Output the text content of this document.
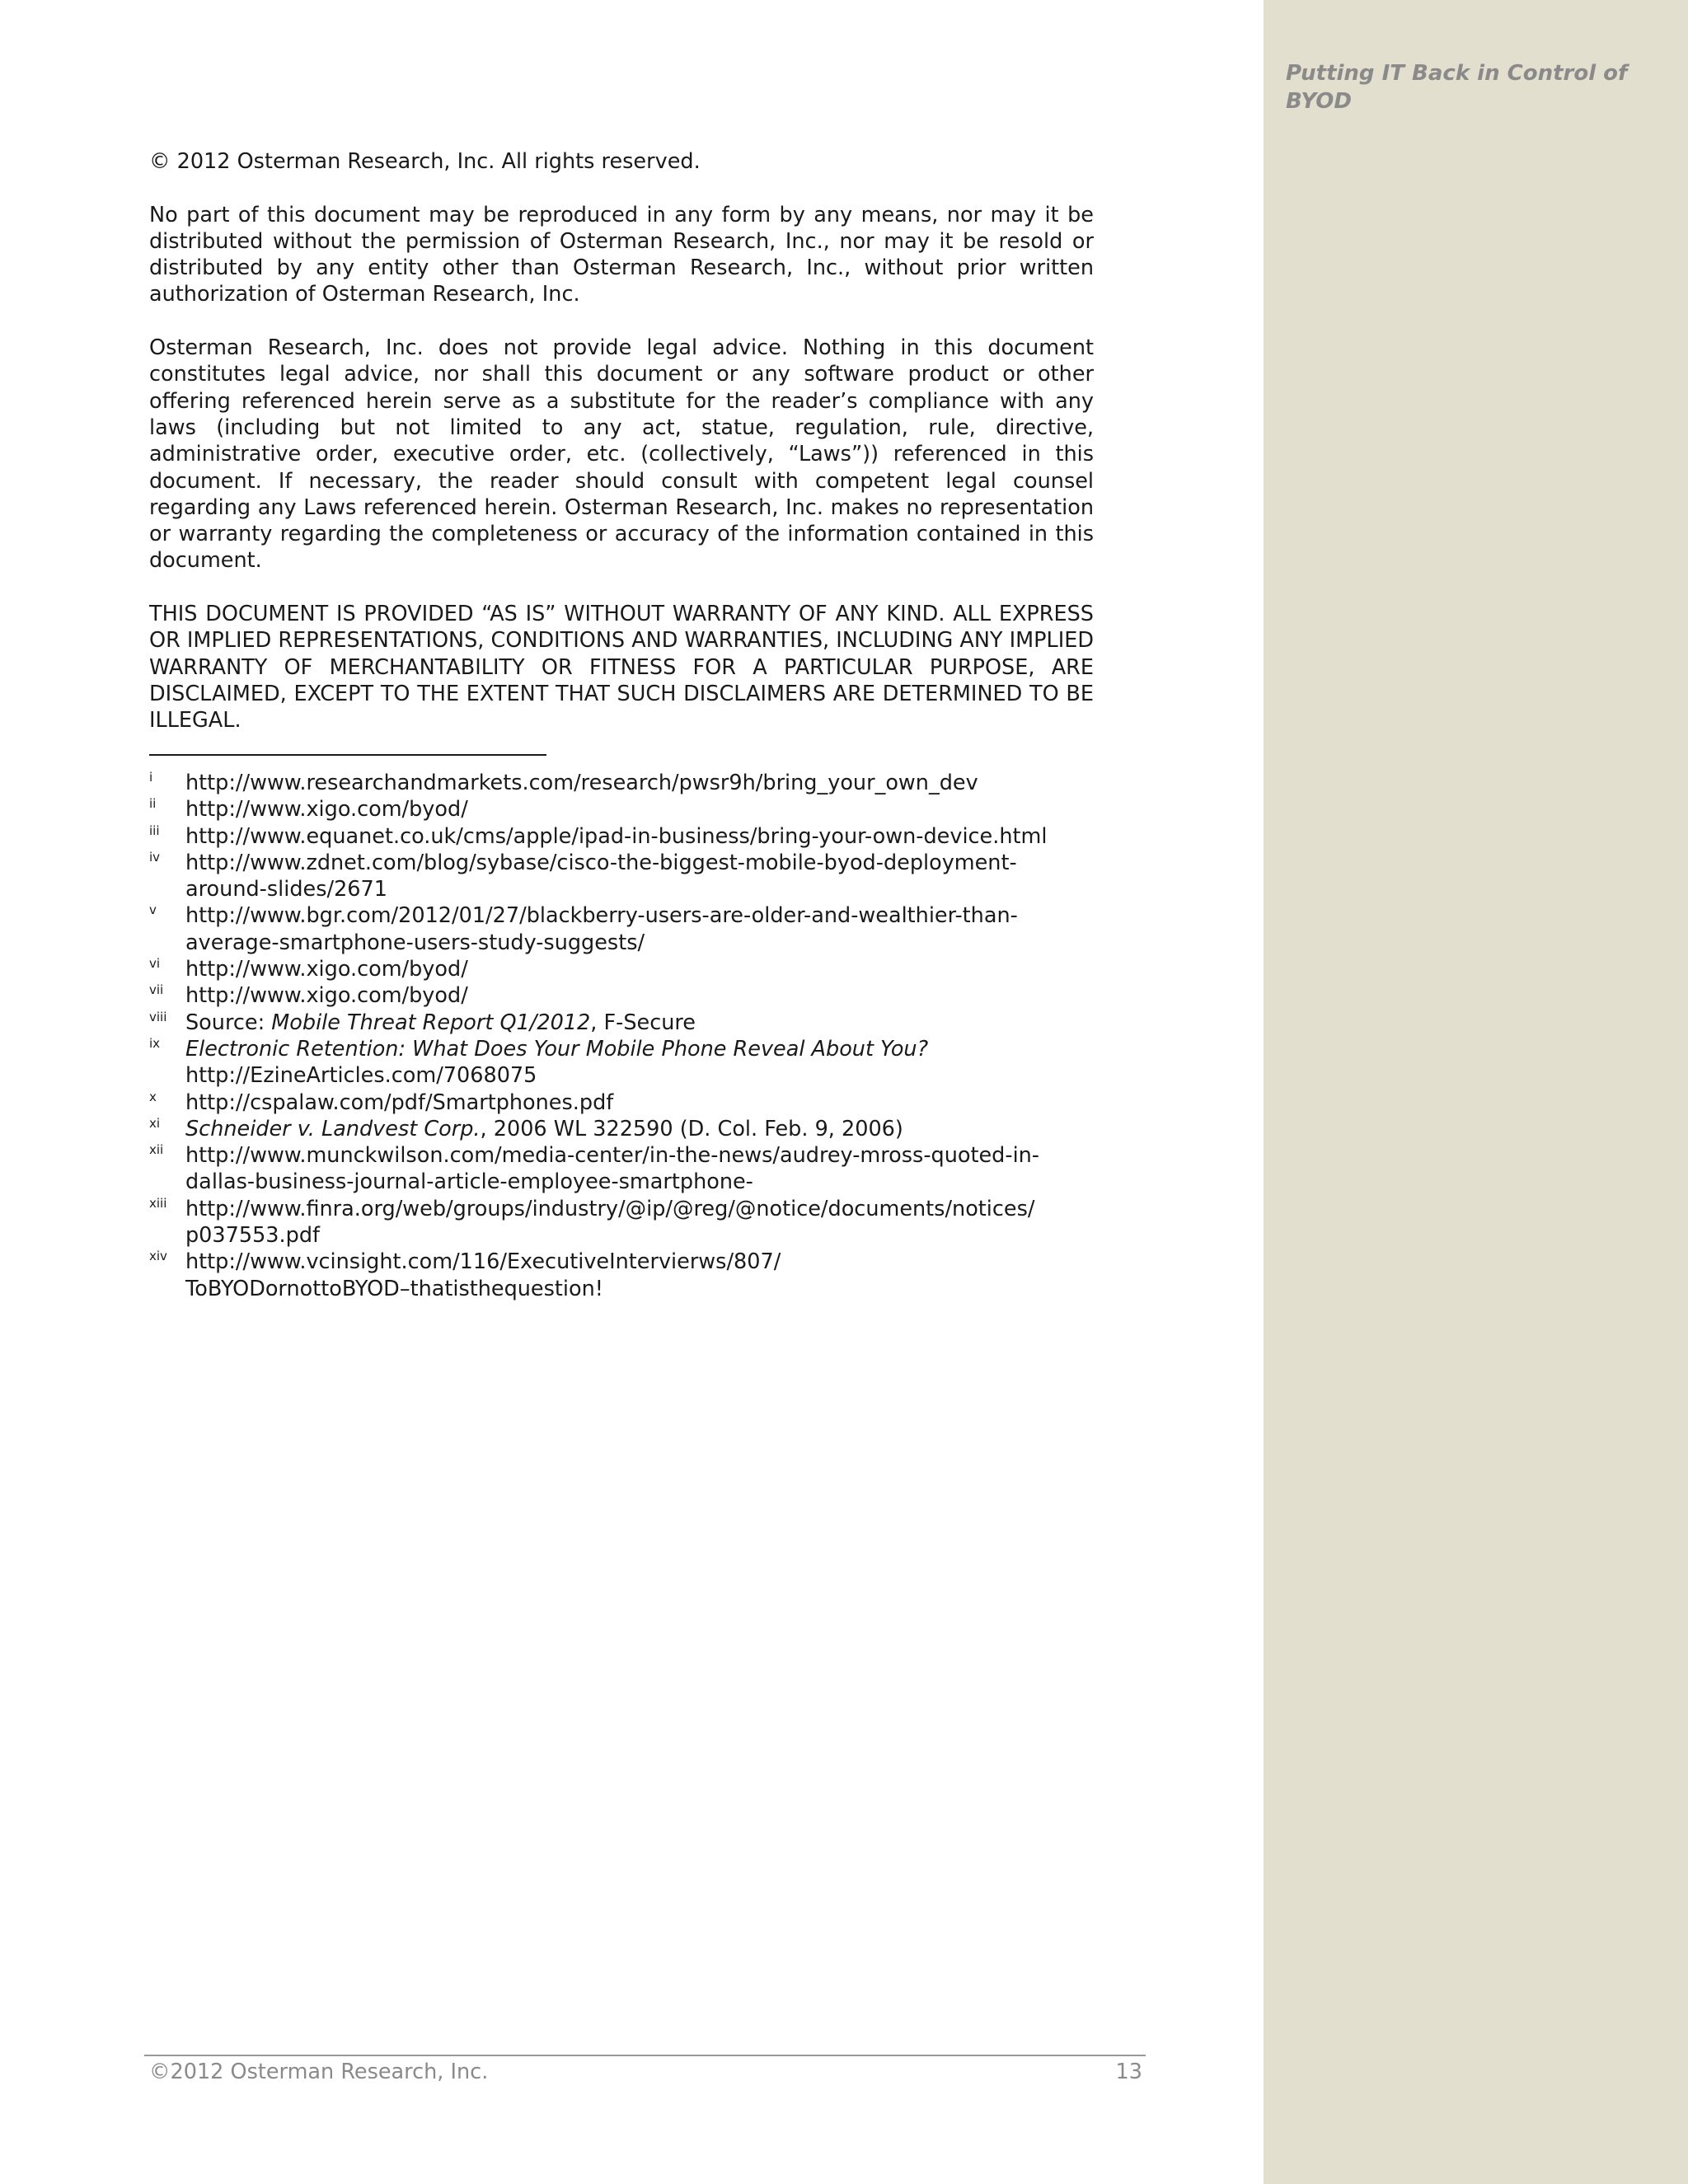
Putting IT Back in Control of BYOD

© 2012 Osterman Research, Inc. All rights reserved.

No part of this document may be reproduced in any form by any means, nor may it be distributed without the permission of Osterman Research, Inc., nor may it be resold or distributed by any entity other than Osterman Research, Inc., without prior written authorization of Osterman Research, Inc.

Osterman Research, Inc. does not provide legal advice. Nothing in this document constitutes legal advice, nor shall this document or any software product or other offering referenced herein serve as a substitute for the reader’s compliance with any laws (including but not limited to any act, statue, regulation, rule, directive, administrative order, executive order, etc. (collectively, “Laws”)) referenced in this document. If necessary, the reader should consult with competent legal counsel regarding any Laws referenced herein. Osterman Research, Inc. makes no representation or warranty regarding the completeness or accuracy of the information contained in this document.

THIS DOCUMENT IS PROVIDED “AS IS” WITHOUT WARRANTY OF ANY KIND. ALL EXPRESS OR IMPLIED REPRESENTATIONS, CONDITIONS AND WARRANTIES, INCLUDING ANY IMPLIED WARRANTY OF MERCHANTABILITY OR FITNESS FOR A PARTICULAR PURPOSE, ARE DISCLAIMED, EXCEPT TO THE EXTENT THAT SUCH DISCLAIMERS ARE DETERMINED TO BE ILLEGAL.

i http://www.researchandmarkets.com/research/pwsr9h/bring_your_own_dev
ii http://www.xigo.com/byod/
iii http://www.equanet.co.uk/cms/apple/ipad-in-business/bring-your-own-device.html
iv http://www.zdnet.com/blog/sybase/cisco-the-biggest-mobile-byod-deployment-
around-slides/2671
v http://www.bgr.com/2012/01/27/blackberry-users-are-older-and-wealthier-than-
average-smartphone-users-study-suggests/
vi http://www.xigo.com/byod/
vii http://www.xigo.com/byod/
viii Source: Mobile Threat Report Q1/2012, F-Secure
ix Electronic Retention: What Does Your Mobile Phone Reveal About You?
http://EzineArticles.com/7068075
x http://cspalaw.com/pdf/Smartphones.pdf
xi Schneider v. Landvest Corp., 2006 WL 322590 (D. Col. Feb. 9, 2006)
xii http://www.munckwilson.com/media-center/in-the-news/audrey-mross-quoted-in-
dallas-business-journal-article-employee-smartphone-
xiii http://www.finra.org/web/groups/industry/@ip/@reg/@notice/documents/notices/
p037553.pdf
xiv http://www.vcinsight.com/116/ExecutiveIntervierws/807/
ToBYODornottoBYOD–thatisthequestion!
©2012 Osterman Research, Inc.	13
